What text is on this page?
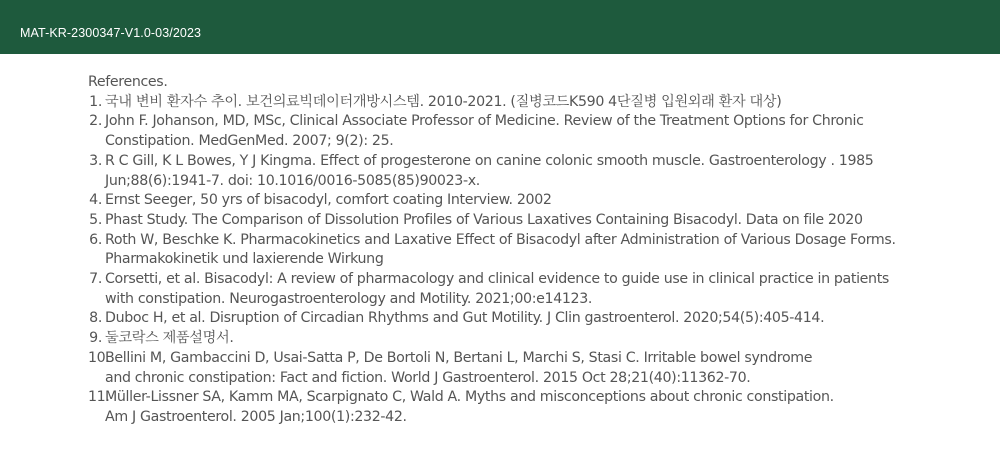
MAT-KR-2300347-V1.0-03/2023
References.
1. 국내 변비 환자수 추이. 보건의료빅데이터개방시스템. 2010-2021. (질병코드K590 4단질병 입원외래 환자 대상)
2. John F. Johanson, MD, MSc, Clinical Associate Professor of Medicine. Review of the Treatment Options for Chronic
Constipation. MedGenMed. 2007; 9(2): 25.
3. R C Gill, K L Bowes, Y J Kingma. Effect of progesterone on canine colonic smooth muscle. Gastroenterology . 1985
Jun;88(6):1941-7. doi: 10.1016/0016-5085(85)90023-x.
4. Ernst Seeger, 50 yrs of bisacodyl, comfort coating Interview. 2002
5. Phast Study. The Comparison of Dissolution Profiles of Various Laxatives Containing Bisacodyl. Data on file 2020
6. Roth W, Beschke K. Pharmacokinetics and Laxative Effect of Bisacodyl after Administration of Various Dosage Forms.
Pharmakokinetik und laxierende Wirkung
7. Corsetti, et al. Bisacodyl: A review of pharmacology and clinical evidence to guide use in clinical practice in patients
with constipation. Neurogastroenterology and Motility. 2021;00:e14123.
8. Duboc H, et al. Disruption of Circadian Rhythms and Gut Motility. J Clin gastroenterol. 2020;54(5):405-414.
9. 둘코락스 제품설명서.
10.
Bellini M, Gambaccini D, Usai-Satta P, De Bortoli N, Bertani L, Marchi S, Stasi C. Irritable bowel syndrome
and chronic constipation: Fact and fiction. World J Gastroenterol. 2015 Oct 28;21(40):11362-70.
11.
Müller-Lissner SA, Kamm MA, Scarpignato C, Wald A. Myths and misconceptions about chronic constipation.
Am J Gastroenterol. 2005 Jan;100(1):232-42.
